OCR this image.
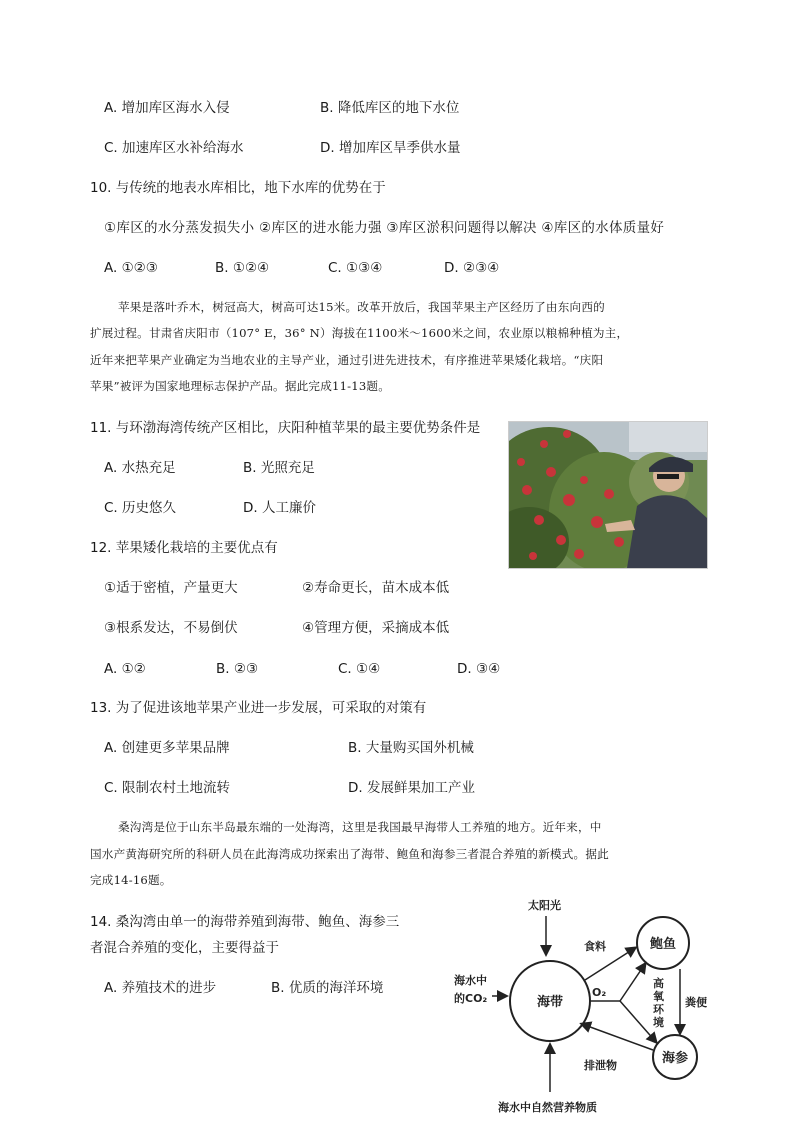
A. 增加库区海水入侵	B. 降低库区的地下水位
C. 加速库区水补给海水	D. 增加库区旱季供水量
10. 与传统的地表水库相比，地下水库的优势在于
①库区的水分蒸发损失小 ②库区的进水能力强 ③库区淤积问题得以解决 ④库区的水体质量好
A. ①②③	B. ①②④	C. ①③④	D. ②③④
苹果是落叶乔木，树冠高大，树高可达15米。改革开放后，我国苹果主产区经历了由东向西的
扩展过程。甘肃省庆阳市（107° E，36° N）海拔在1100米～1600米之间，农业原以粮棉种植为主，
近年来把苹果产业确定为当地农业的主导产业，通过引进先进技术，有序推进苹果矮化栽培。“庆阳
苹果”被评为国家地理标志保护产品。据此完成11-13题。
11. 与环渤海湾传统产区相比，庆阳种植苹果的最主要优势条件是
A. 水热充足	B. 光照充足
C. 历史悠久	D. 人工廉价
12. 苹果矮化栽培的主要优点有
①适于密植，产量更大	②寿命更长，苗木成本低
③根系发达，不易倒伏	④管理方便，采摘成本低
A. ①②	B. ②③	C. ①④	D. ③④
13. 为了促进该地苹果产业进一步发展，可采取的对策有
A. 创建更多苹果品牌	B. 大量购买国外机械
C. 限制农村土地流转	D. 发展鲜果加工产业
桑沟湾是位于山东半岛最东端的一处海湾，这里是我国最早海带人工养殖的地方。近年来，中
国水产黄海研究所的科研人员在此海湾成功探索出了海带、鲍鱼和海参三者混合养殖的新模式。据此
完成14-16题。
14. 桑沟湾由单一的海带养殖到海带、鲍鱼、海参三
者混合养殖的变化，主要得益于
A. 养殖技术的进步	B. 优质的海洋环境
太阳光
海水中
的CO₂	海带
鲍鱼
海参
食料
O₂
高
氧
环
境
粪便
排泄物
海水中自然营养物质
